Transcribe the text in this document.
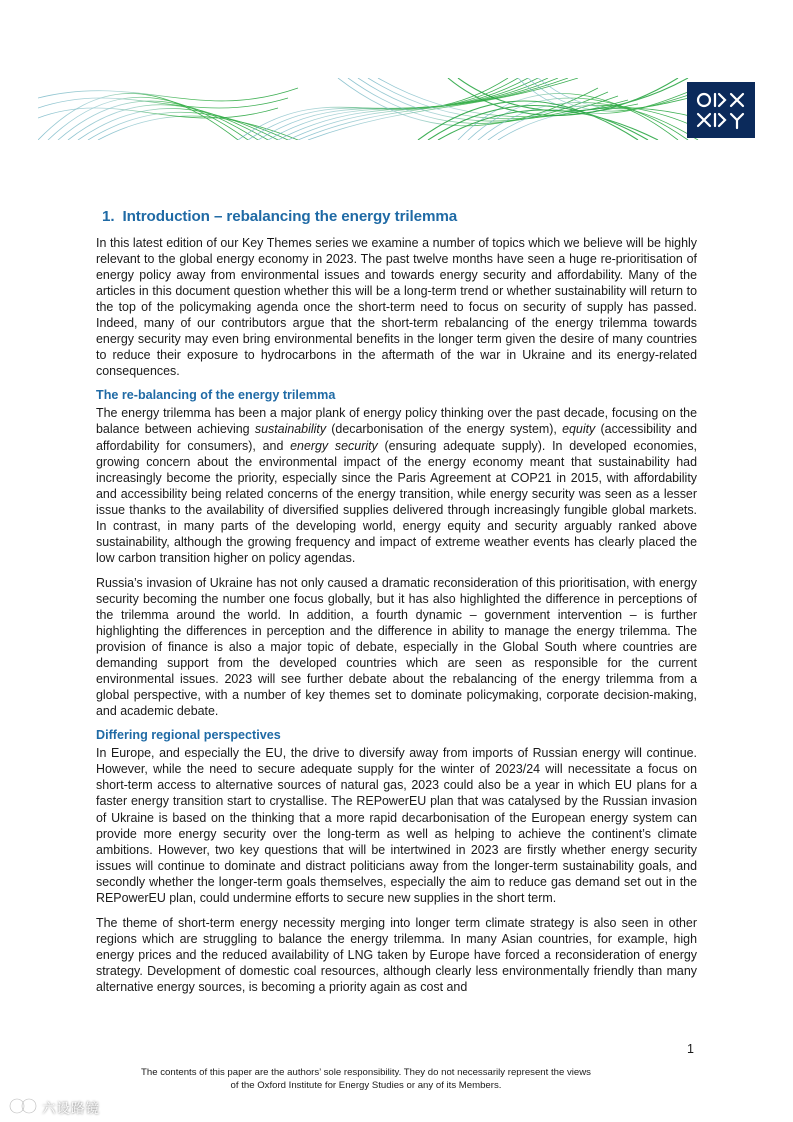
1. Introduction – rebalancing the energy trilemma

In this latest edition of our Key Themes series we examine a number of topics which we believe will be highly relevant to the global energy economy in 2023. The past twelve months have seen a huge re-prioritisation of energy policy away from environmental issues and towards energy security and affordability. Many of the articles in this document question whether this will be a long-term trend or whether sustainability will return to the top of the policymaking agenda once the short-term need to focus on security of supply has passed. Indeed, many of our contributors argue that the short-term rebalancing of the energy trilemma towards energy security may even bring environmental benefits in the longer term given the desire of many countries to reduce their exposure to hydrocarbons in the aftermath of the war in Ukraine and its energy-related consequences.

The re-balancing of the energy trilemma

The energy trilemma has been a major plank of energy policy thinking over the past decade, focusing on the balance between achieving sustainability (decarbonisation of the energy system), equity (accessibility and affordability for consumers), and energy security (ensuring adequate supply). In developed economies, growing concern about the environmental impact of the energy economy meant that sustainability had increasingly become the priority, especially since the Paris Agreement at COP21 in 2015, with affordability and accessibility being related concerns of the energy transition, while energy security was seen as a lesser issue thanks to the availability of diversified supplies delivered through increasingly fungible global markets. In contrast, in many parts of the developing world, energy equity and security arguably ranked above sustainability, although the growing frequency and impact of extreme weather events has clearly placed the low carbon transition higher on policy agendas.

Russia’s invasion of Ukraine has not only caused a dramatic reconsideration of this prioritisation, with energy security becoming the number one focus globally, but it has also highlighted the difference in perceptions of the trilemma around the world. In addition, a fourth dynamic – government intervention – is further highlighting the differences in perception and the difference in ability to manage the energy trilemma. The provision of finance is also a major topic of debate, especially in the Global South where countries are demanding support from the developed countries which are seen as responsible for the current environmental issues. 2023 will see further debate about the rebalancing of the energy trilemma from a global perspective, with a number of key themes set to dominate policymaking, corporate decision-making, and academic debate.

Differing regional perspectives

In Europe, and especially the EU, the drive to diversify away from imports of Russian energy will continue. However, while the need to secure adequate supply for the winter of 2023/24 will necessitate a focus on short-term access to alternative sources of natural gas, 2023 could also be a year in which EU plans for a faster energy transition start to crystallise. The REPowerEU plan that was catalysed by the Russian invasion of Ukraine is based on the thinking that a more rapid decarbonisation of the European energy system can provide more energy security over the long-term as well as helping to achieve the continent’s climate ambitions. However, two key questions that will be intertwined in 2023 are firstly whether energy security issues will continue to dominate and distract politicians away from the longer-term sustainability goals, and secondly whether the longer-term goals themselves, especially the aim to reduce gas demand set out in the REPowerEU plan, could undermine efforts to secure new supplies in the short term.

The theme of short-term energy necessity merging into longer term climate strategy is also seen in other regions which are struggling to balance the energy trilemma. In many Asian countries, for example, high energy prices and the reduced availability of LNG taken by Europe have forced a reconsideration of energy strategy. Development of domestic coal resources, although clearly less environmentally friendly than many alternative energy sources, is becoming a priority again as cost and

1
The contents of this paper are the authors’ sole responsibility. They do not necessarily represent the views
of the Oxford Institute for Energy Studies or any of its Members.
六设路镜
